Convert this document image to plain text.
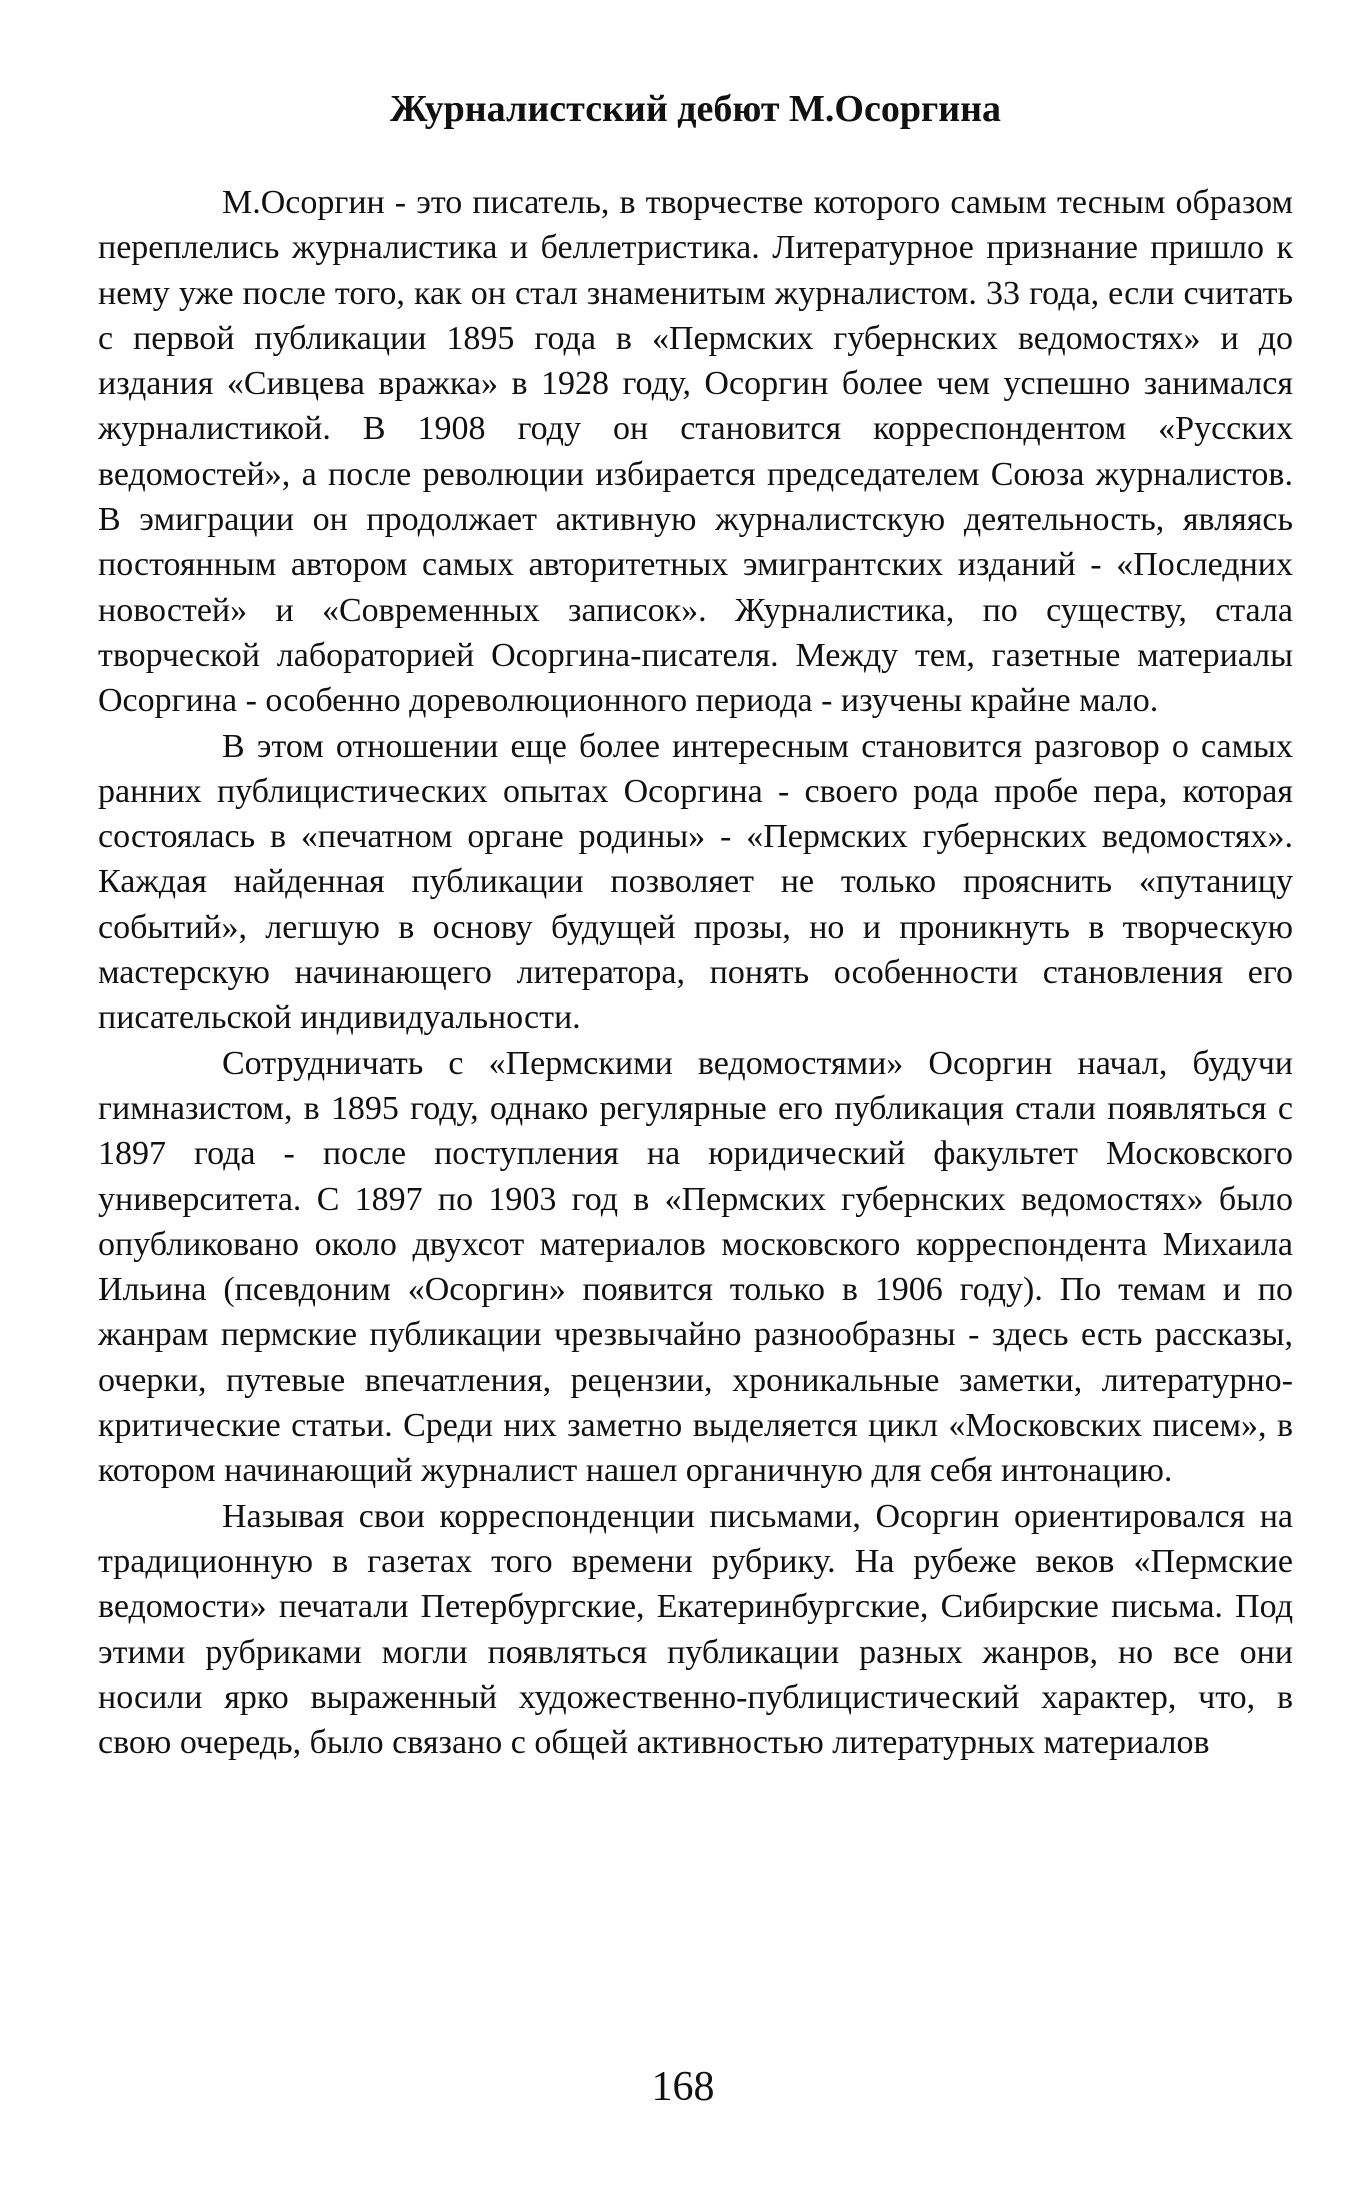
Журналистский дебют М.Осоргина

М.Осоргин - это писатель, в творчестве которого самым тесным образом переплелись журналистика и беллетристика. Литературное признание пришло к нему уже после того, как он стал знаменитым журналистом. 33 года, если считать с первой публикации 1895 года в «Пермских губернских ведомостях» и до издания «Сивцева вражка» в 1928 году, Осоргин более чем успешно занимался журналистикой. В 1908 году он становится корреспондентом «Русских ведомостей», а после революции избирается председателем Союза журналистов. В эмиграции он продолжает активную журналистскую деятельность, являясь постоянным автором самых авторитетных эмигрантских изданий - «Последних новостей» и «Современных записок». Журналистика, по существу, стала творческой лабораторией Осоргина-писателя. Между тем, газетные материалы Осоргина - особенно дореволюционного периода - изучены крайне мало.

В этом отношении еще более интересным становится разговор о самых ранних публицистических опытах Осоргина - своего рода пробе пера, которая состоялась в «печатном органе родины» - «Пермских губернских ведомостях». Каждая найденная публикации позволяет не только прояснить «путаницу событий», легшую в основу будущей прозы, но и проникнуть в творческую мастерскую начинающего литератора, понять особенности становления его писательской индивидуальности.

Сотрудничать с «Пермскими ведомостями» Осоргин начал, будучи гимназистом, в 1895 году, однако регулярные его публикация стали появляться с 1897 года - после поступления на юридический факультет Московского университета. С 1897 по 1903 год в «Пермских губернских ведомостях» было опубликовано около двухсот материалов московского корреспондента Михаила Ильина (псевдоним «Осоргин» появится только в 1906 году). По темам и по жанрам пермские публикации чрезвычайно разнообразны - здесь есть рассказы, очерки, путевые впечатления, рецензии, хроникальные заметки, литературно-критические статьи. Среди них заметно выделяется цикл «Московских писем», в котором начинающий журналист нашел органичную для себя интонацию.

Называя свои корреспонденции письмами, Осоргин ориентировался на традиционную в газетах того времени рубрику. На рубеже веков «Пермские ведомости» печатали Петербургские, Екатеринбургские, Сибирские письма. Под этими рубриками могли появляться публикации разных жанров, но все они носили ярко выраженный художественно-публицистический характер, что, в свою очередь, было связано с общей активностью литературных материалов

168
